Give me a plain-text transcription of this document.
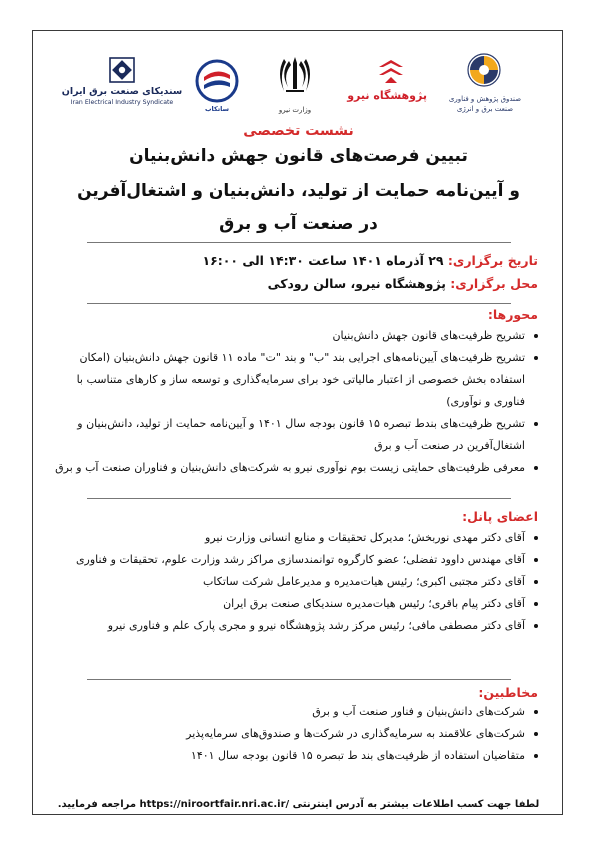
سندیکای صنعت برق ایران
Iran Electrical Industry Syndicate
ساتکاب	وزارت نیرو
پژوهشگاه نیرو	صندوق پژوهش و فناوری
صنعت برق و انرژی
نشست تخصصی
تبیین فرصت‌های قانون جهش دانش‌بنیان
و آیین‌نامه حمایت از تولید، دانش‌بنیان و اشتغال‌آفرین
در صنعت آب و برق
تاریخ برگزاری: ۲۹ آذرماه ۱۴۰۱ ساعت ۱۴:۳۰ الی ۱۶:۰۰
محل برگزاری: پژوهشگاه نیرو، سالن رودکی
محورها:
تشریح ظرفیت‌های قانون جهش دانش‌بنیان
تشریح ظرفیت‌های آیین‌نامه‌های اجرایی بند "ب" و بند "ت" ماده ۱۱ قانون جهش دانش‌بنیان (امکان استفاده بخش خصوصی از اعتبار مالیاتی خود برای سرمایه‌گذاری و توسعه ساز و کارهای متناسب با فناوری و نوآوری)
تشریح ظرفیت‌های بندط تبصره ۱۵ قانون بودجه سال ۱۴۰۱ و آیین‌نامه حمایت از تولید، دانش‌بنیان و اشتغال‌آفرین در صنعت آب و برق
معرفی ظرفیت‌های حمایتی زیست بوم نوآوری نیرو به شرکت‌های دانش‌بنیان و فناوران صنعت آب و برق
اعضای پانل:
آقای دکتر مهدی نوربخش؛ مدیرکل تحقیقات و منابع انسانی وزارت نیرو
آقای مهندس داوود تفضلی؛ عضو کارگروه توانمندسازی مراکز رشد وزارت علوم، تحقیقات و فناوری
آقای دکتر مجتبی اکبری؛ رئیس هیات‌مدیره و مدیرعامل شرکت ساتکاب
آقای دکتر پیام باقری؛ رئیس هیات‌مدیره سندیکای صنعت برق ایران
آقای دکتر مصطفی مافی؛ رئیس مرکز رشد پژوهشگاه نیرو و مجری پارک علم و فناوری نیرو
مخاطبین:
شرکت‌های دانش‌بنیان و فناور صنعت آب و برق
شرکت‌های علاقمند به سرمایه‌گذاری در شرکت‌ها و صندوق‌های سرمایه‌پذیر
متقاضیان استفاده از ظرفیت‌های بند ط تبصره ۱۵ قانون بودجه سال ۱۴۰۱
لطفا جهت کسب اطلاعات بیشتر به آدرس اینترنتی https://niroortfair.nri.ac.ir/ مراجعه فرمایید.
